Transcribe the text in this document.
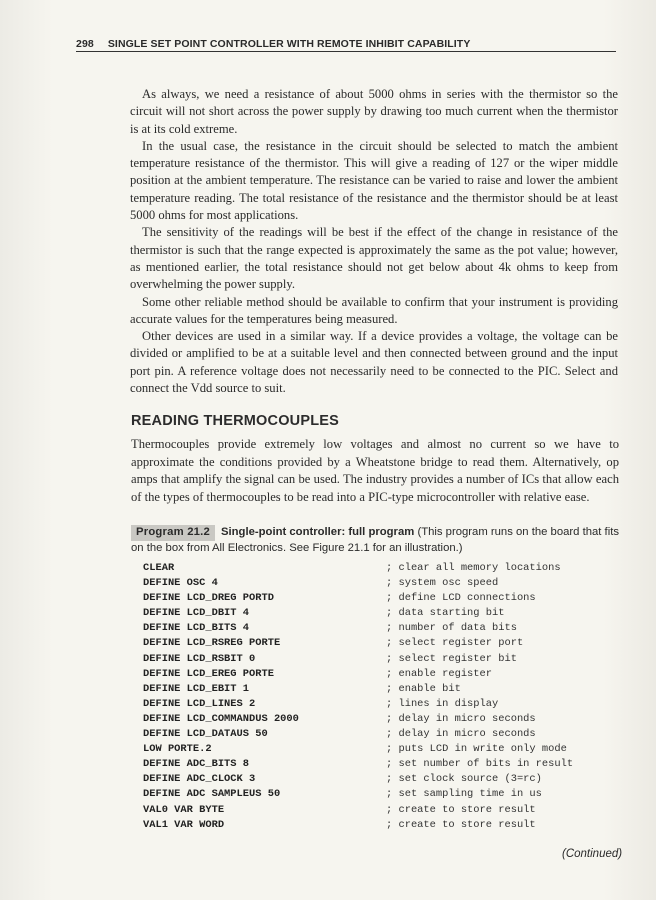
298 SINGLE SET POINT CONTROLLER WITH REMOTE INHIBIT CAPABILITY

As always, we need a resistance of about 5000 ohms in series with the thermistor so the circuit will not short across the power supply by drawing too much current when the thermistor is at its cold extreme.

In the usual case, the resistance in the circuit should be selected to match the ambient temperature resistance of the thermistor. This will give a reading of 127 or the wiper middle position at the ambient temperature. The resistance can be varied to raise and lower the ambient temperature reading. The total resistance of the resistance and the thermistor should be at least 5000 ohms for most applications.

The sensitivity of the readings will be best if the effect of the change in resistance of the thermistor is such that the range expected is approximately the same as the pot value; however, as mentioned earlier, the total resistance should not get below about 4k ohms to keep from overwhelming the power supply.

Some other reliable method should be available to confirm that your instrument is providing accurate values for the temperatures being measured.

Other devices are used in a similar way. If a device provides a voltage, the voltage can be divided or amplified to be at a suitable level and then connected between ground and the input port pin. A reference voltage does not necessarily need to be connected to the PIC. Select and connect the Vdd source to suit.

READING THERMOCOUPLES

Thermocouples provide extremely low voltages and almost no current so we have to approximate the conditions provided by a Wheatstone bridge to read them. Alternatively, op amps that amplify the signal can be used. The industry provides a number of ICs that allow each of the types of thermocouples to be read into a PIC-type microcontroller with relative ease.

Program 21.2 Single-point controller: full program (This program runs on the board that fits on the box from All Electronics. See Figure 21.1 for an illustration.)
CLEAR	; clear all memory locations
DEFINE OSC 4	; system osc speed
DEFINE LCD_DREG PORTD	; define LCD connections
DEFINE LCD_DBIT 4	; data starting bit
DEFINE LCD_BITS 4	; number of data bits
DEFINE LCD_RSREG PORTE	; select register port
DEFINE LCD_RSBIT 0	; select register bit
DEFINE LCD_EREG PORTE	; enable register
DEFINE LCD_EBIT 1	; enable bit
DEFINE LCD_LINES 2	; lines in display
DEFINE LCD_COMMANDUS 2000	; delay in micro seconds
DEFINE LCD_DATAUS 50	; delay in micro seconds
LOW PORTE.2	; puts LCD in write only mode
DEFINE ADC_BITS 8	; set number of bits in result
DEFINE ADC_CLOCK 3	; set clock source (3=rc)
DEFINE ADC SAMPLEUS 50	; set sampling time in us
VAL0 VAR BYTE	; create to store result
VAL1 VAR WORD	; create to store result
(Continued)
